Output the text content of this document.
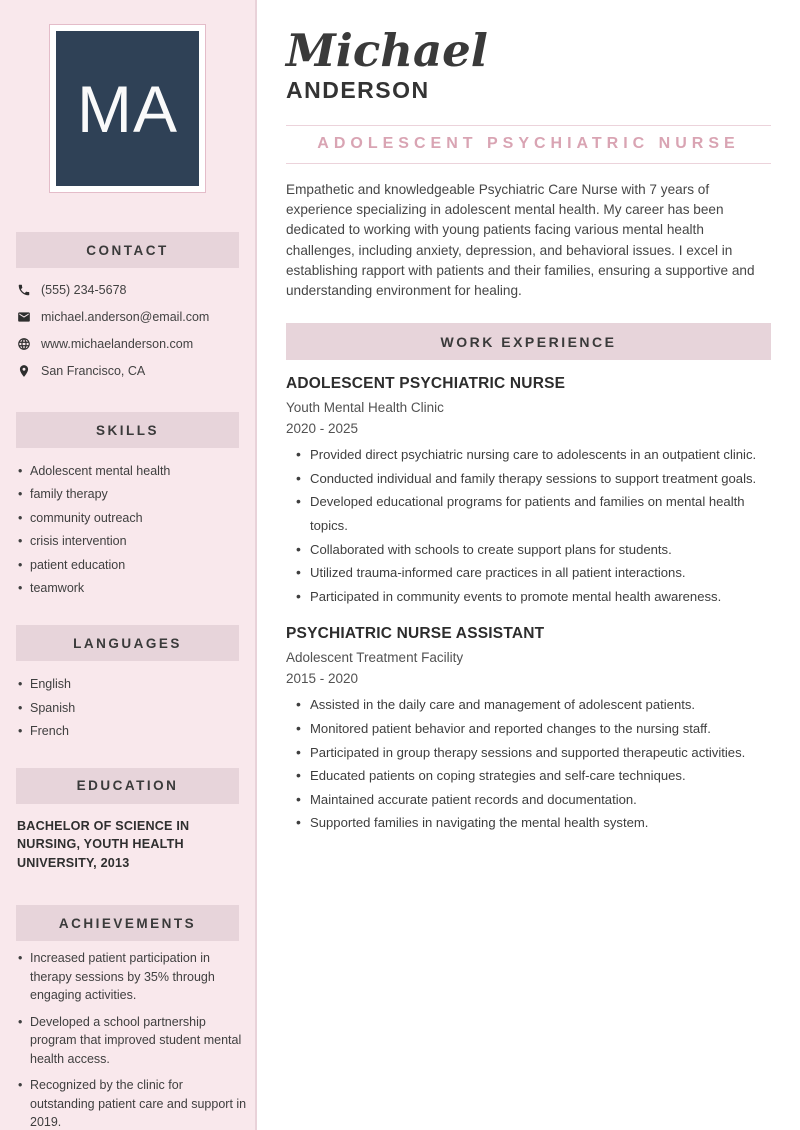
MA
CONTACT
(555) 234-5678
michael.anderson@email.com
www.michaelanderson.com
San Francisco, CA
SKILLS
• Adolescent mental health
• family therapy
• community outreach
• crisis intervention
• patient education
• teamwork
LANGUAGES
• English
• Spanish
• French
EDUCATION
BACHELOR OF SCIENCE IN NURSING, YOUTH HEALTH UNIVERSITY, 2013
ACHIEVEMENTS
• Increased patient participation in therapy sessions by 35% through engaging activities.
• Developed a school partnership program that improved student mental health access.
• Recognized by the clinic for outstanding patient care and support in 2019.
Michael
ANDERSON
ADOLESCENT PSYCHIATRIC NURSE

Empathetic and knowledgeable Psychiatric Care Nurse with 7 years of experience specializing in adolescent mental health. My career has been dedicated to working with young patients facing various mental health challenges, including anxiety, depression, and behavioral issues. I excel in establishing rapport with patients and their families, ensuring a supportive and understanding environment for healing.

WORK EXPERIENCE
ADOLESCENT PSYCHIATRIC NURSE
Youth Mental Health Clinic
2020 - 2025
• Provided direct psychiatric nursing care to adolescents in an outpatient clinic.
• Conducted individual and family therapy sessions to support treatment goals.
• Developed educational programs for patients and families on mental health topics.
• Collaborated with schools to create support plans for students.
• Utilized trauma-informed care practices in all patient interactions.
• Participated in community events to promote mental health awareness.
PSYCHIATRIC NURSE ASSISTANT
Adolescent Treatment Facility
2015 - 2020
• Assisted in the daily care and management of adolescent patients.
• Monitored patient behavior and reported changes to the nursing staff.
• Participated in group therapy sessions and supported therapeutic activities.
• Educated patients on coping strategies and self-care techniques.
• Maintained accurate patient records and documentation.
• Supported families in navigating the mental health system.
